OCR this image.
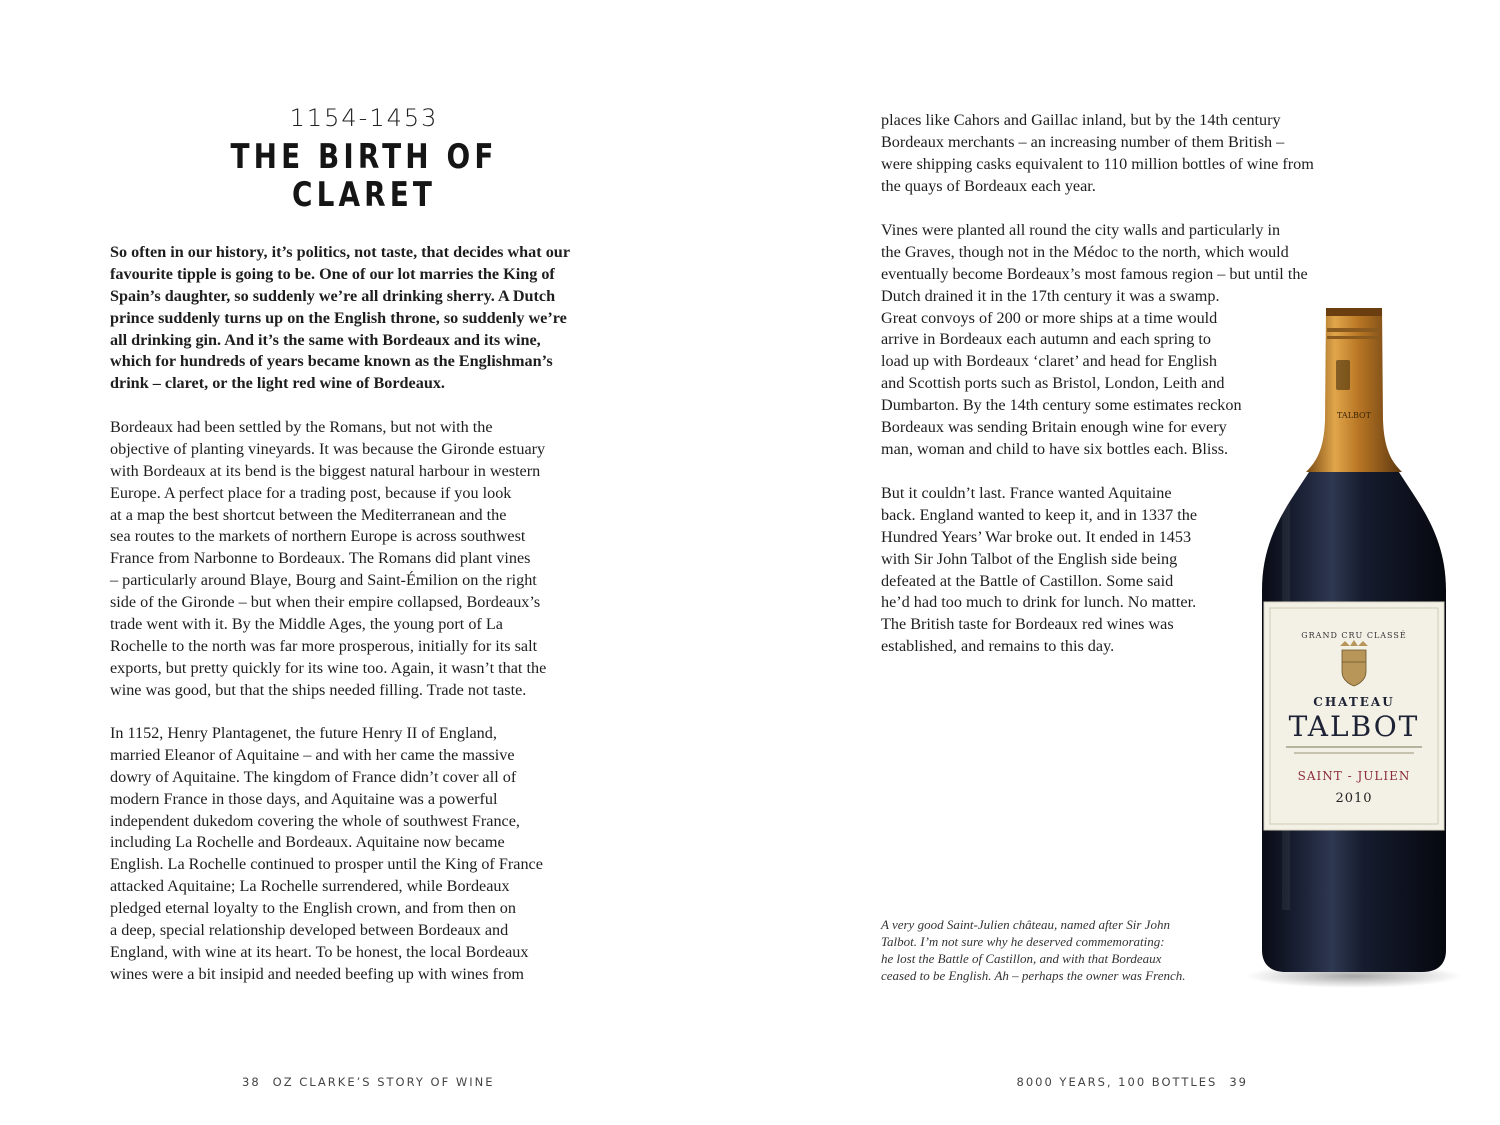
1154-1453
THE BIRTH OF
CLARET
So often in our history, it’s politics, not taste, that decides what our
favourite tipple is going to be. One of our lot marries the King of
Spain’s daughter, so suddenly we’re all drinking sherry. A Dutch
prince suddenly turns up on the English throne, so suddenly we’re
all drinking gin. And it’s the same with Bordeaux and its wine,
which for hundreds of years became known as the Englishman’s
drink – claret, or the light red wine of Bordeaux.
Bordeaux had been settled by the Romans, but not with the
objective of planting vineyards. It was because the Gironde estuary
with Bordeaux at its bend is the biggest natural harbour in western
Europe. A perfect place for a trading post, because if you look
at a map the best shortcut between the Mediterranean and the
sea routes to the markets of northern Europe is across southwest
France from Narbonne to Bordeaux. The Romans did plant vines
– particularly around Blaye, Bourg and Saint-Émilion on the right
side of the Gironde – but when their empire collapsed, Bordeaux’s
trade went with it. By the Middle Ages, the young port of La
Rochelle to the north was far more prosperous, initially for its salt
exports, but pretty quickly for its wine too. Again, it wasn’t that the
wine was good, but that the ships needed filling. Trade not taste.
In 1152, Henry Plantagenet, the future Henry II of England,
married Eleanor of Aquitaine – and with her came the massive
dowry of Aquitaine. The kingdom of France didn’t cover all of
modern France in those days, and Aquitaine was a powerful
independent dukedom covering the whole of southwest France,
including La Rochelle and Bordeaux. Aquitaine now became
English. La Rochelle continued to prosper until the King of France
attacked Aquitaine; La Rochelle surrendered, while Bordeaux
pledged eternal loyalty to the English crown, and from then on
a deep, special relationship developed between Bordeaux and
England, with wine at its heart. To be honest, the local Bordeaux
wines were a bit insipid and needed beefing up with wines from
38 OZ CLARKE’S STORY OF WINE
places like Cahors and Gaillac inland, but by the 14th century
Bordeaux merchants – an increasing number of them British –
were shipping casks equivalent to 110 million bottles of wine from
the quays of Bordeaux each year.
Vines were planted all round the city walls and particularly in
the Graves, though not in the Médoc to the north, which would
eventually become Bordeaux’s most famous region – but until the
Dutch drained it in the 17th century it was a swamp.
Great convoys of 200 or more ships at a time would
arrive in Bordeaux each autumn and each spring to
load up with Bordeaux ‘claret’ and head for English
and Scottish ports such as Bristol, London, Leith and
Dumbarton. By the 14th century some estimates reckon
Bordeaux was sending Britain enough wine for every
man, woman and child to have six bottles each. Bliss.
But it couldn’t last. France wanted Aquitaine
back. England wanted to keep it, and in 1337 the
Hundred Years’ War broke out. It ended in 1453
with Sir John Talbot of the English side being
defeated at the Battle of Castillon. Some said
he’d had too much to drink for lunch. No matter.
The British taste for Bordeaux red wines was
established, and remains to this day.
TALBOT
GRAND CRU CLASSÉ
CHATEAU
TALBOT
SAINT - JULIEN
2010
A very good Saint-Julien château, named after Sir John
Talbot. I’m not sure why he deserved commemorating:
he lost the Battle of Castillon, and with that Bordeaux
ceased to be English. Ah – perhaps the owner was French.
8000 YEARS, 100 BOTTLES 39
